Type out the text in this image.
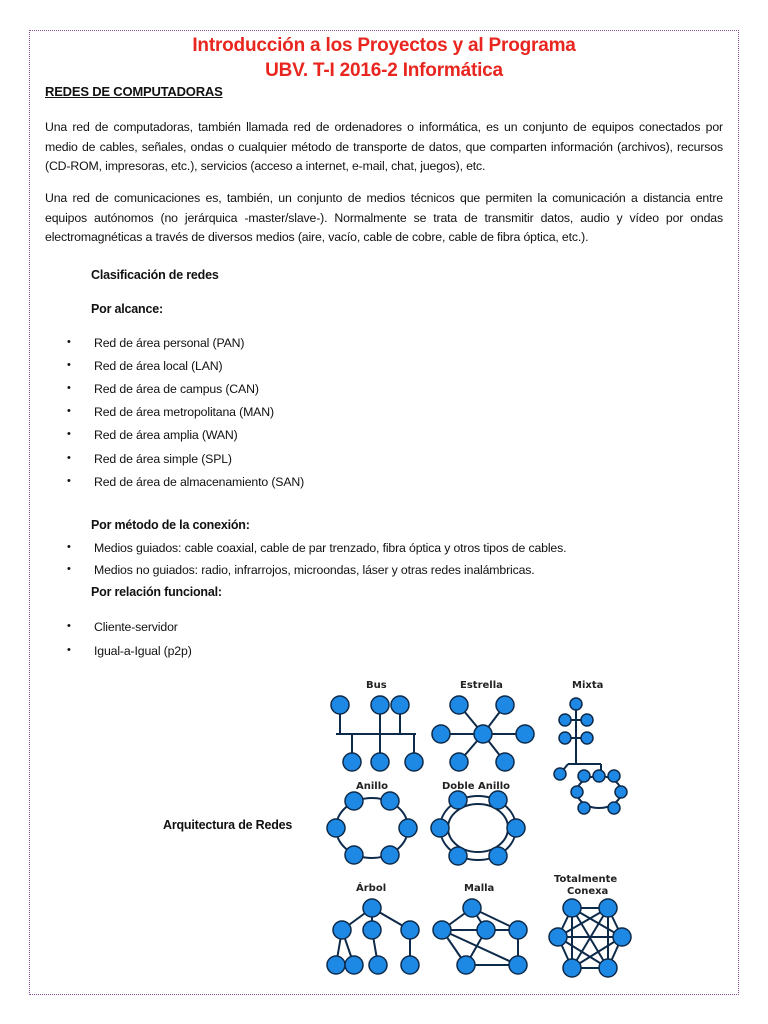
Introducción a los Proyectos y al Programa
UBV. T-I 2016-2 Informática
REDES DE COMPUTADORAS
Una red de computadoras, también llamada red de ordenadores o informática, es un conjunto de equipos conectados por medio de cables, señales, ondas o cualquier método de transporte de datos, que comparten información (archivos), recursos (CD-ROM, impresoras, etc.), servicios (acceso a internet, e-mail, chat, juegos), etc.
Una red de comunicaciones es, también, un conjunto de medios técnicos que permiten la comunicación a distancia entre equipos autónomos (no jerárquica -master/slave-). Normalmente se trata de transmitir datos, audio y vídeo por ondas electromagnéticas a través de diversos medios (aire, vacío, cable de cobre, cable de fibra óptica, etc.).
Clasificación de redes
Por alcance:
• Red de área personal (PAN)
• Red de área local (LAN)
• Red de área de campus (CAN)
• Red de área metropolitana (MAN)
• Red de área amplia (WAN)
• Red de área simple (SPL)
• Red de área de almacenamiento (SAN)
Por método de la conexión:
• Medios guiados: cable coaxial, cable de par trenzado, fibra óptica y otros tipos de cables.
• Medios no guiados: radio, infrarrojos, microondas, láser y otras redes inalámbricas.
Por relación funcional:
• Cliente-servidor
• Igual-a-Igual (p2p)
Arquitectura de Redes
Bus	Estrella	Mixta
Anillo	Doble Anillo
Árbol	Malla
Totalmente
Conexa
